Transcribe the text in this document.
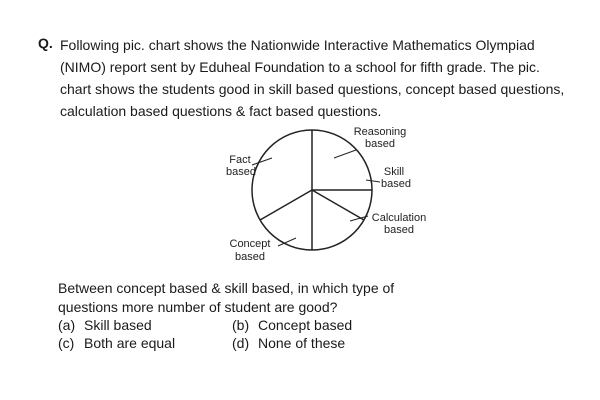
Q. Following pic. chart shows the Nationwide Interactive Mathematics Olympiad
(NIMO) report sent by Eduheal Foundation to a school for fifth grade. The pic.
chart shows the students good in skill based questions, concept based questions,
calculation based questions & fact based questions.
Reasoning
based
Skill
based
Calculation
based
Concept
based
Fact
based
Between concept based & skill based, in which type of
questions more number of student are good?
(a) Skill based	(b) Concept based
(c) Both are equal	(d) None of these
